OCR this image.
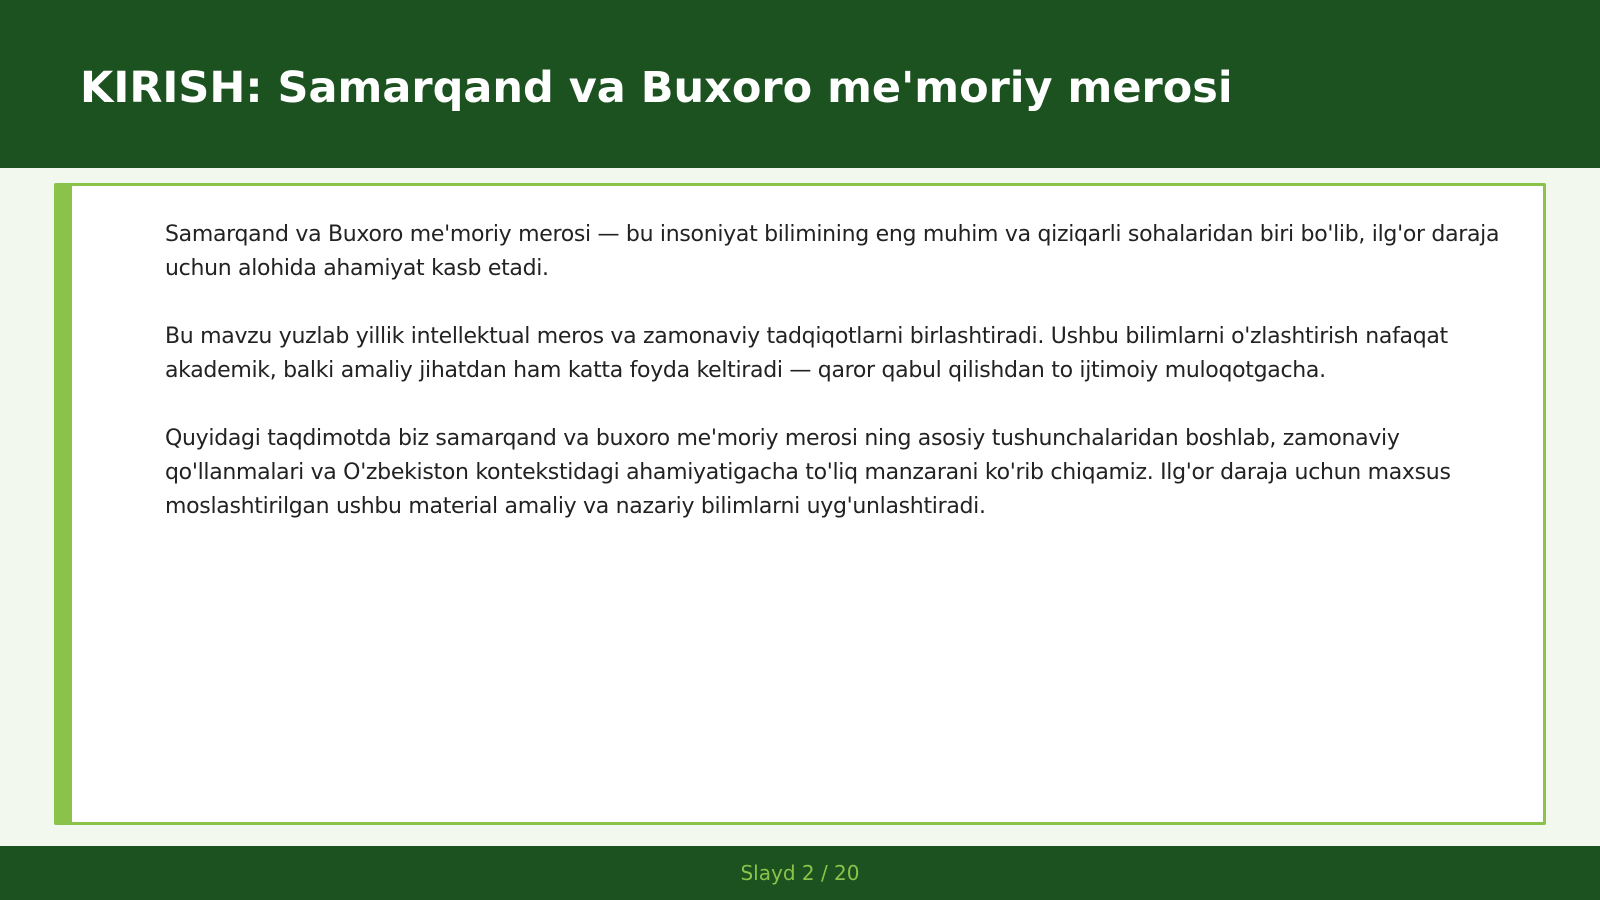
KIRISH: Samarqand va Buxoro me'moriy merosi

Samarqand va Buxoro me'moriy merosi — bu insoniyat bilimining eng muhim va qiziqarli sohalaridan biri bo'lib, ilg'or daraja uchun alohida ahamiyat kasb etadi.

Bu mavzu yuzlab yillik intellektual meros va zamonaviy tadqiqotlarni birlashtiradi. Ushbu bilimlarni o'zlashtirish nafaqat akademik, balki amaliy jihatdan ham katta foyda keltiradi — qaror qabul qilishdan to ijtimoiy muloqotgacha.

Quyidagi taqdimotda biz samarqand va buxoro me'moriy merosi ning asosiy tushunchalaridan boshlab, zamonaviy qo'llanmalari va O'zbekiston kontekstidagi ahamiyatigacha to'liq manzarani ko'rib chiqamiz. Ilg'or daraja uchun maxsus moslashtirilgan ushbu material amaliy va nazariy bilimlarni uyg'unlashtiradi.

Slayd 2 / 20
